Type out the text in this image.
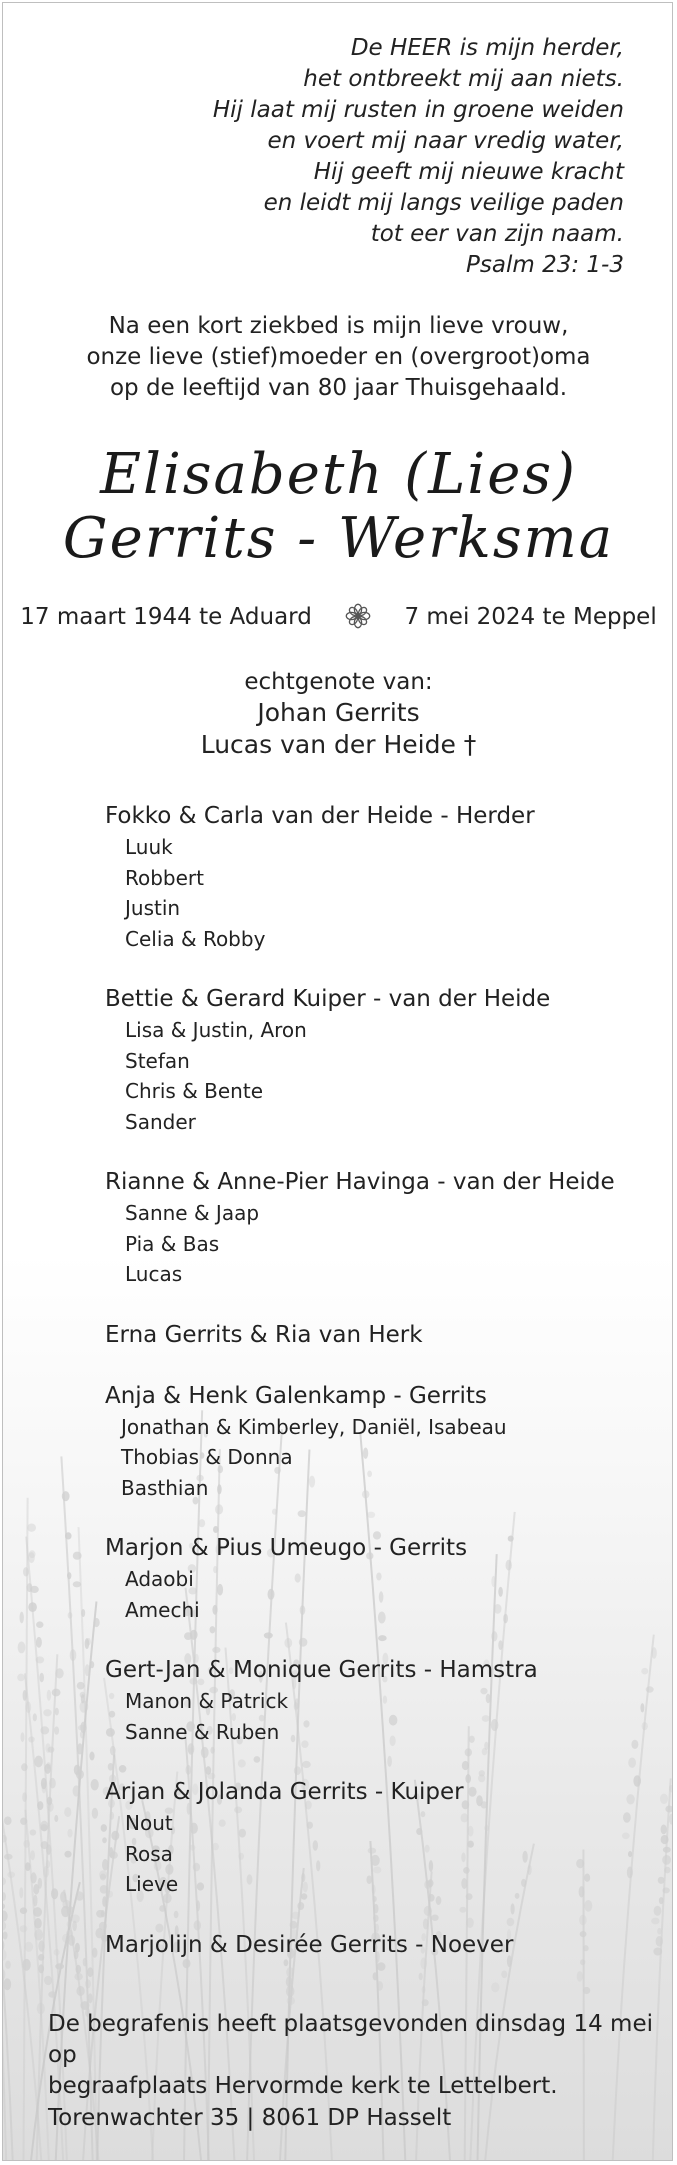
De HEER is mijn herder,
het ontbreekt mij aan niets.
Hij laat mij rusten in groene weiden
en voert mij naar vredig water,
Hij geeft mij nieuwe kracht
en leidt mij langs veilige paden
tot eer van zijn naam.
Psalm 23: 1-3
Na een kort ziekbed is mijn lieve vrouw,
onze lieve (stief)moeder en (overgroot)oma
op de leeftijd van 80 jaar Thuisgehaald.
Elisabeth (Lies)
Gerrits - Werksma
17 maart 1944 te Aduard	7 mei 2024 te Meppel
echtgenote van:
Johan Gerrits
Lucas van der Heide †
Fokko & Carla van der Heide - Herder
Luuk
Robbert
Justin
Celia & Robby
Bettie & Gerard Kuiper - van der Heide
Lisa & Justin, Aron
Stefan
Chris & Bente
Sander
Rianne & Anne-Pier Havinga - van der Heide
Sanne & Jaap
Pia & Bas
Lucas
Erna Gerrits & Ria van Herk
Anja & Henk Galenkamp - Gerrits
Jonathan & Kimberley, Daniël, Isabeau
Thobias & Donna
Basthian
Marjon & Pius Umeugo - Gerrits
Adaobi
Amechi
Gert-Jan & Monique Gerrits - Hamstra
Manon & Patrick
Sanne & Ruben
Arjan & Jolanda Gerrits - Kuiper
Nout
Rosa
Lieve
Marjolijn & Desirée Gerrits - Noever
De begrafenis heeft plaatsgevonden dinsdag 14 mei op
begraafplaats Hervormde kerk te Lettelbert.
Torenwachter 35 | 8061 DP Hasselt
